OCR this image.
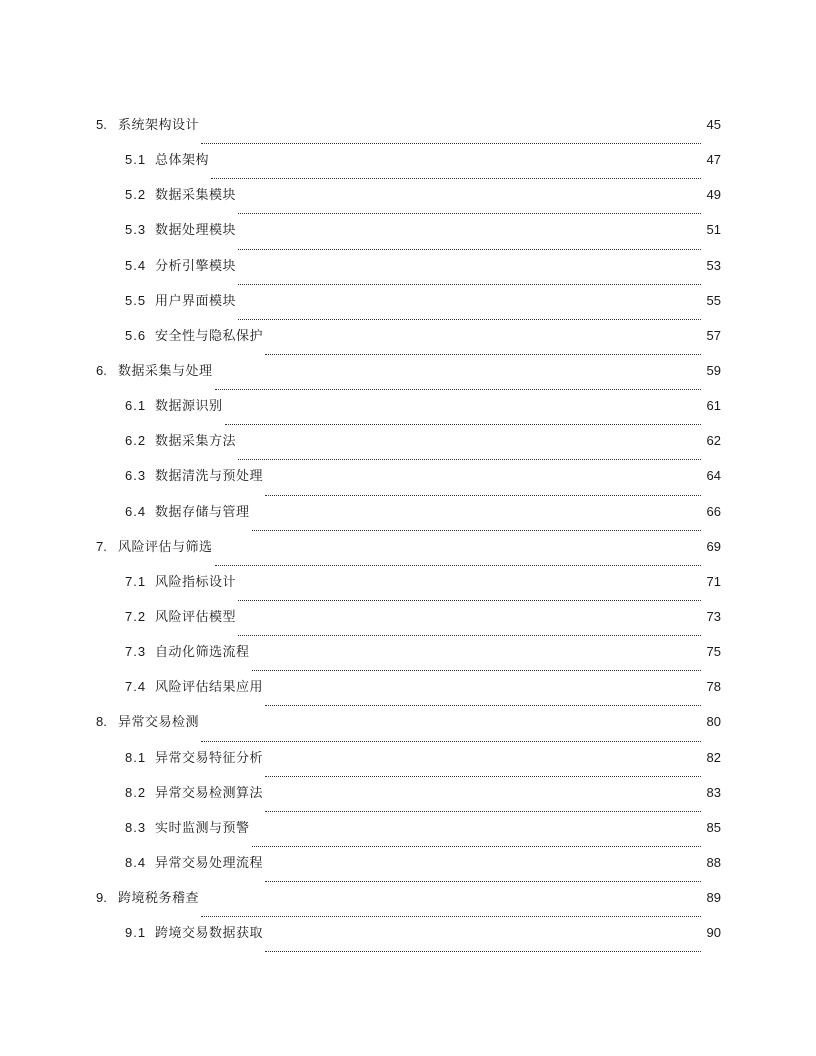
5. 系统架构设计	45
5.1 总体架构	47
5.2 数据采集模块	49
5.3 数据处理模块	51
5.4 分析引擎模块	53
5.5 用户界面模块	55
5.6 安全性与隐私保护	57
6. 数据采集与处理	59
6.1 数据源识别	61
6.2 数据采集方法	62
6.3 数据清洗与预处理	64
6.4 数据存储与管理	66
7. 风险评估与筛选	69
7.1 风险指标设计	71
7.2 风险评估模型	73
7.3 自动化筛选流程	75
7.4 风险评估结果应用	78
8. 异常交易检测	80
8.1 异常交易特征分析	82
8.2 异常交易检测算法	83
8.3 实时监测与预警	85
8.4 异常交易处理流程	88
9. 跨境税务稽查	89
9.1 跨境交易数据获取	90
